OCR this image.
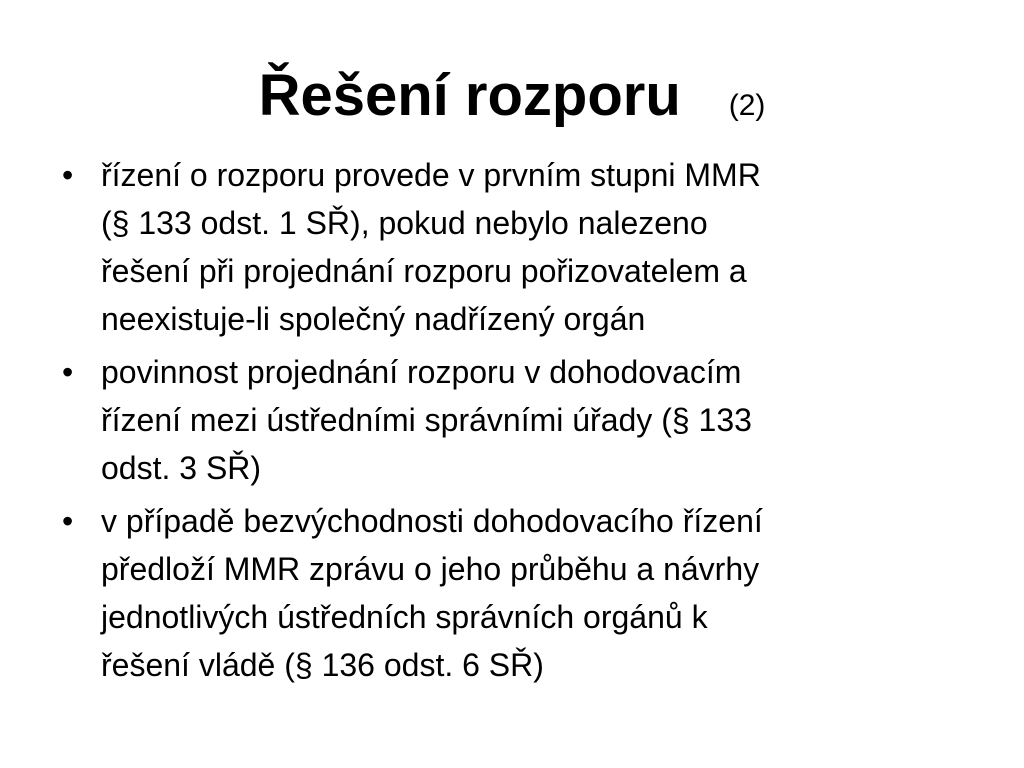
Řešení rozporu (2)
• řízení o rozporu provede v prvním stupni MMR
(§ 133 odst. 1 SŘ), pokud nebylo nalezeno
řešení při projednání rozporu pořizovatelem a
neexistuje-li společný nadřízený orgán
• povinnost projednání rozporu v dohodovacím
řízení mezi ústředními správními úřady (§ 133
odst. 3 SŘ)
• v případě bezvýchodnosti dohodovacího řízení
předloží MMR zprávu o jeho průběhu a návrhy
jednotlivých ústředních správních orgánů k
řešení vládě (§ 136 odst. 6 SŘ)
